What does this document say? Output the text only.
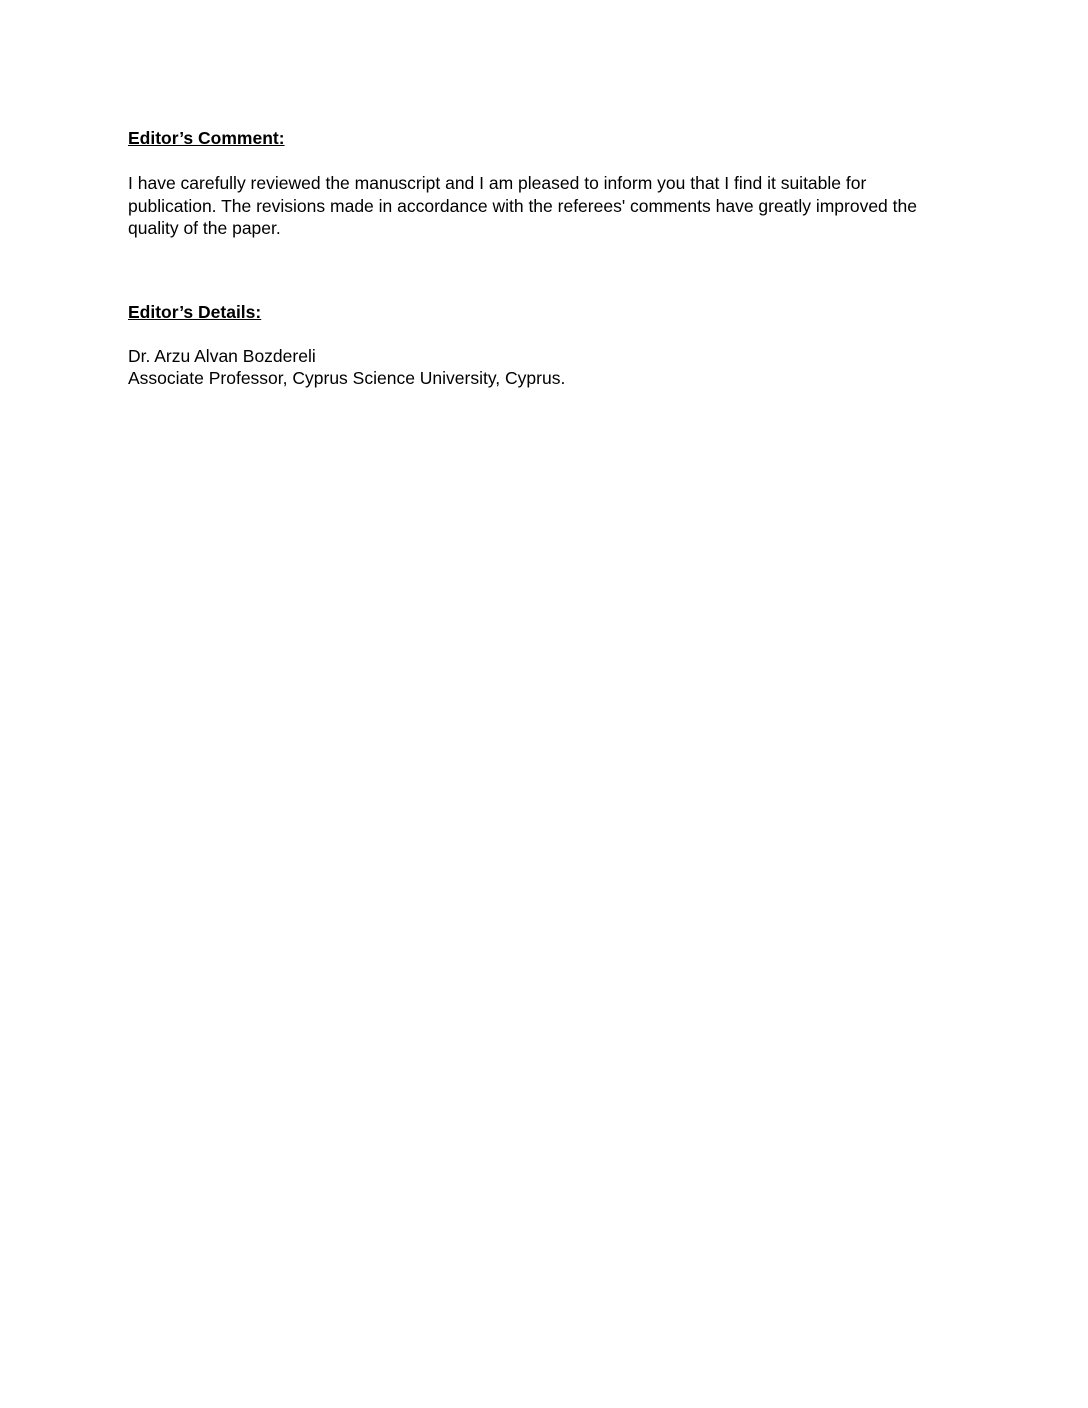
Editor’s Comment:

I have carefully reviewed the manuscript and I am pleased to inform you that I find it suitable for publication. The revisions made in accordance with the referees' comments have greatly improved the quality of the paper.

Editor’s Details:

Dr. Arzu Alvan Bozdereli
Associate Professor, Cyprus Science University, Cyprus.
